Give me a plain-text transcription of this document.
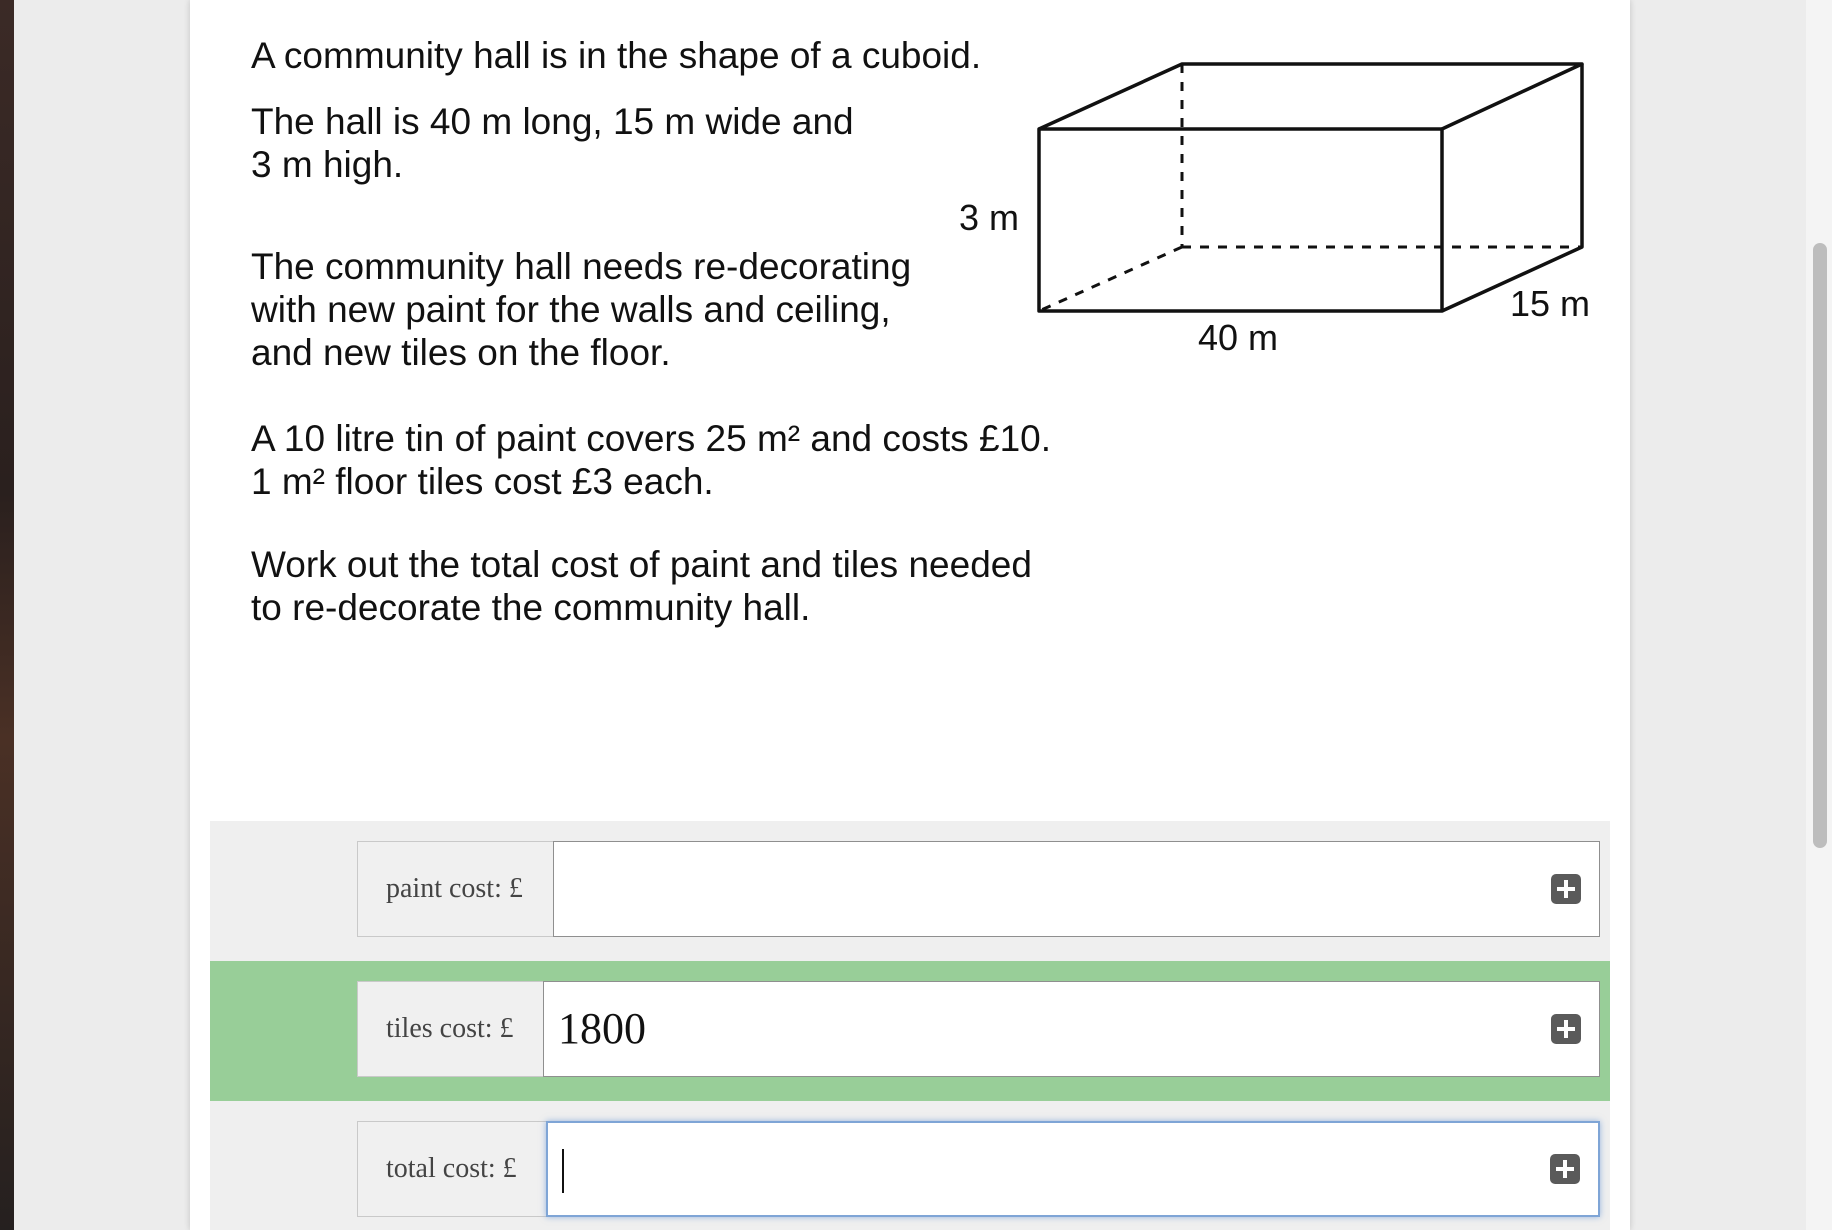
A community hall is in the shape of a cuboid.

The hall is 40 m long, 15 m wide and

3 m high.

The community hall needs re-decorating

with new paint for the walls and ceiling,

and new tiles on the floor.

A 10 litre tin of paint covers 25 m² and costs £10.

1 m² floor tiles cost £3 each.

Work out the total cost of paint and tiles needed

to re-decorate the community hall.

3 m
40 m
15 m
paint cost: £
tiles cost: £	1800
total cost: £
